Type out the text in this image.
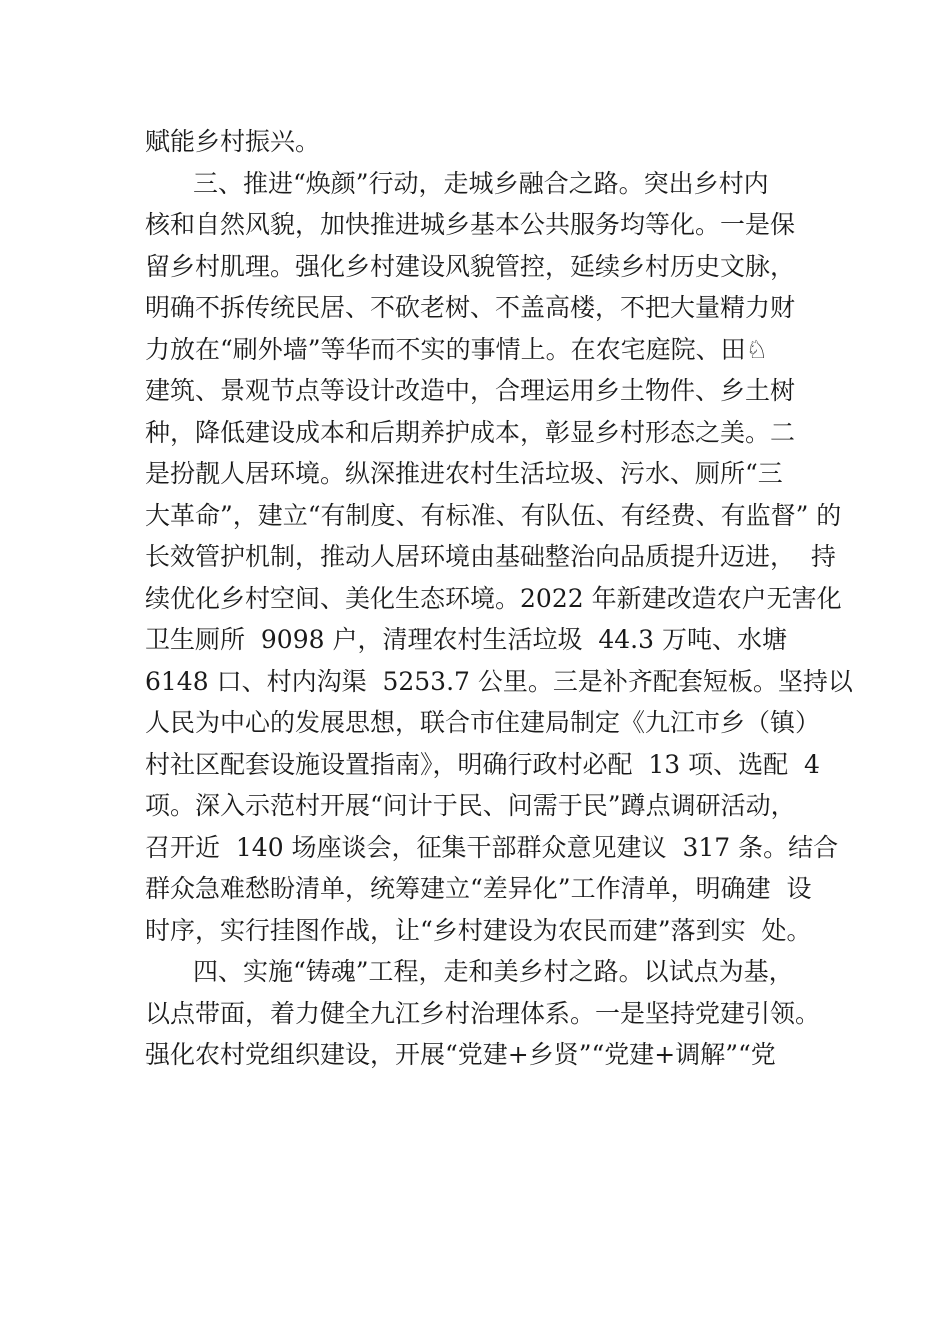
赋能乡村振兴。
三、推进“焕颜”行动，走城乡融合之路。突出乡村内
核和自然风貌，加快推进城乡基本公共服务均等化。一是保
留乡村肌理。强化乡村建设风貌管控，延续乡村历史文脉，
明确不拆传统民居、不砍老树、不盖高楼，不把大量精力财
力放在“刷外墙”等华而不实的事情上。在农宅庭院、田♘
建筑、景观节点等设计改造中，合理运用乡土物件、乡土树
种，降低建设成本和后期养护成本，彰显乡村形态之美。二
是扮靓人居环境。纵深推进农村生活垃圾、污水、厕所“三
大革命”，建立“有制度、有标准、有队伍、有经费、有监督” 的
长效管护机制，推动人居环境由基础整治向品质提升迈进，  持
续优化乡村空间、美化生态环境。2022 年新建改造农户无害化
卫生厕所  9098 户，清理农村生活垃圾  44.3 万吨、水塘
6148 口、村内沟渠  5253.7 公里。三是补齐配套短板。坚持以
人民为中心的发展思想，联合市住建局制定《九江市乡（镇）
村社区配套设施设置指南》，明确行政村必配  13 项、选配  4
项。深入示范村开展“问计于民、问需于民”蹲点调研活动，
召开近  140 场座谈会，征集干部群众意见建议  317 条。结合
群众急难愁盼清单，统筹建立“差异化”工作清单，明确建  设
时序，实行挂图作战，让“乡村建设为农民而建”落到实  处。
四、实施“铸魂”工程，走和美乡村之路。以试点为基，
以点带面，着力健全九江乡村治理体系。一是坚持党建引领。
强化农村党组织建设，开展“党建+乡贤”“党建+调解”“党
